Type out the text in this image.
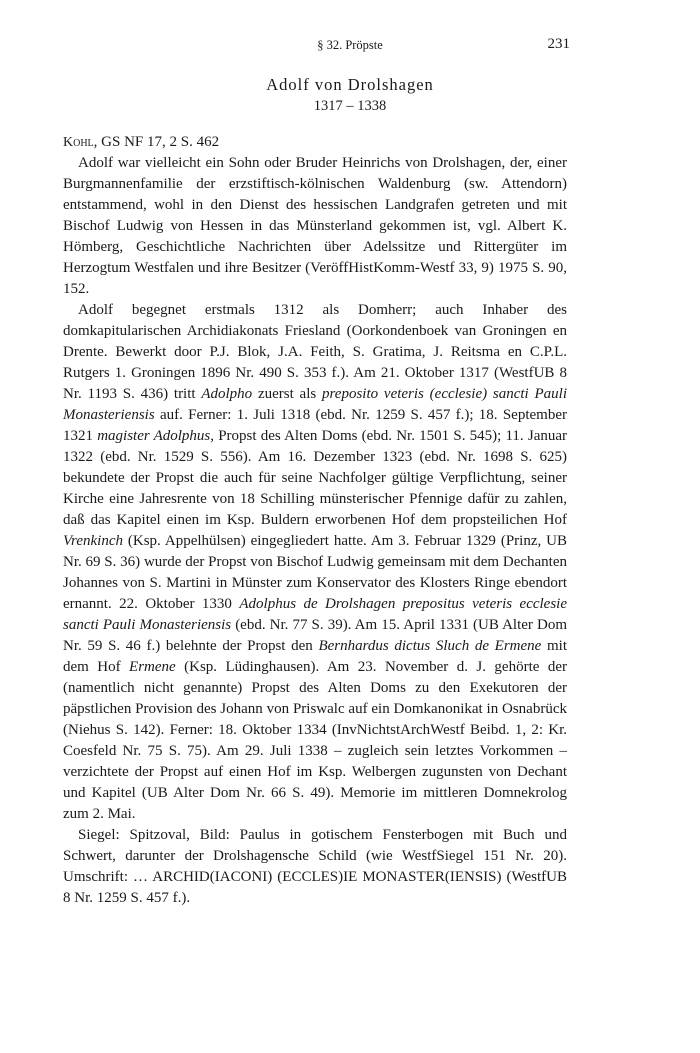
§ 32. Pröpste	231
Adolf von Drolshagen
1317 – 1338

Kohl, GS NF 17, 2 S. 462

Adolf war vielleicht ein Sohn oder Bruder Heinrichs von Drolshagen, der, einer Burgmannenfamilie der erzstiftisch-kölnischen Waldenburg (sw. Attendorn) entstammend, wohl in den Dienst des hessischen Landgrafen getreten und mit Bischof Ludwig von Hessen in das Münsterland gekommen ist, vgl. Albert K. Hömberg, Geschichtliche Nachrichten über Adelssitze und Rittergüter im Herzogtum Westfalen und ihre Besitzer (VeröffHistKomm-Westf 33, 9) 1975 S. 90, 152.

Adolf begegnet erstmals 1312 als Domherr; auch Inhaber des domkapitularischen Archidiakonats Friesland (Oorkondenboek van Groningen en Drente. Bewerkt door P.J. Blok, J.A. Feith, S. Gratima, J. Reitsma en C.P.L. Rutgers 1. Groningen 1896 Nr. 490 S. 353 f.). Am 21. Oktober 1317 (WestfUB 8 Nr. 1193 S. 436) tritt Adolpho zuerst als preposito veteris (ecclesie) sancti Pauli Monasteriensis auf. Ferner: 1. Juli 1318 (ebd. Nr. 1259 S. 457 f.); 18. September 1321 magister Adolphus, Propst des Alten Doms (ebd. Nr. 1501 S. 545); 11. Januar 1322 (ebd. Nr. 1529 S. 556). Am 16. Dezember 1323 (ebd. Nr. 1698 S. 625) bekundete der Propst die auch für seine Nachfolger gültige Verpflichtung, seiner Kirche eine Jahresrente von 18 Schilling münsterischer Pfennige dafür zu zahlen, daß das Kapitel einen im Ksp. Buldern erworbenen Hof dem propsteilichen Hof Vrenkinch (Ksp. Appelhülsen) eingegliedert hatte. Am 3. Februar 1329 (Prinz, UB Nr. 69 S. 36) wurde der Propst von Bischof Ludwig gemeinsam mit dem Dechanten Johannes von S. Martini in Münster zum Konservator des Klosters Ringe ebendort ernannt. 22. Oktober 1330 Adolphus de Drolshagen prepositus veteris ecclesie sancti Pauli Monasteriensis (ebd. Nr. 77 S. 39). Am 15. April 1331 (UB Alter Dom Nr. 59 S. 46 f.) belehnte der Propst den Bernhardus dictus Sluch de Ermene mit dem Hof Ermene (Ksp. Lüdinghausen). Am 23. November d. J. gehörte der (namentlich nicht genannte) Propst des Alten Doms zu den Exekutoren der päpstlichen Provision des Johann von Priswalc auf ein Domkanonikat in Osnabrück (Niehus S. 142). Ferner: 18. Oktober 1334 (InvNichtstArchWestf Beibd. 1, 2: Kr. Coesfeld Nr. 75 S. 75). Am 29. Juli 1338 – zugleich sein letztes Vorkommen – verzichtete der Propst auf einen Hof im Ksp. Welbergen zugunsten von Dechant und Kapitel (UB Alter Dom Nr. 66 S. 49). Memorie im mittleren Domnekrolog zum 2. Mai.

Siegel: Spitzoval, Bild: Paulus in gotischem Fensterbogen mit Buch und Schwert, darunter der Drolshagensche Schild (wie WestfSiegel 151 Nr. 20). Umschrift: … ARCHID(IACONI) (ECCLES)IE MONASTER(IENSIS) (WestfUB 8 Nr. 1259 S. 457 f.).
